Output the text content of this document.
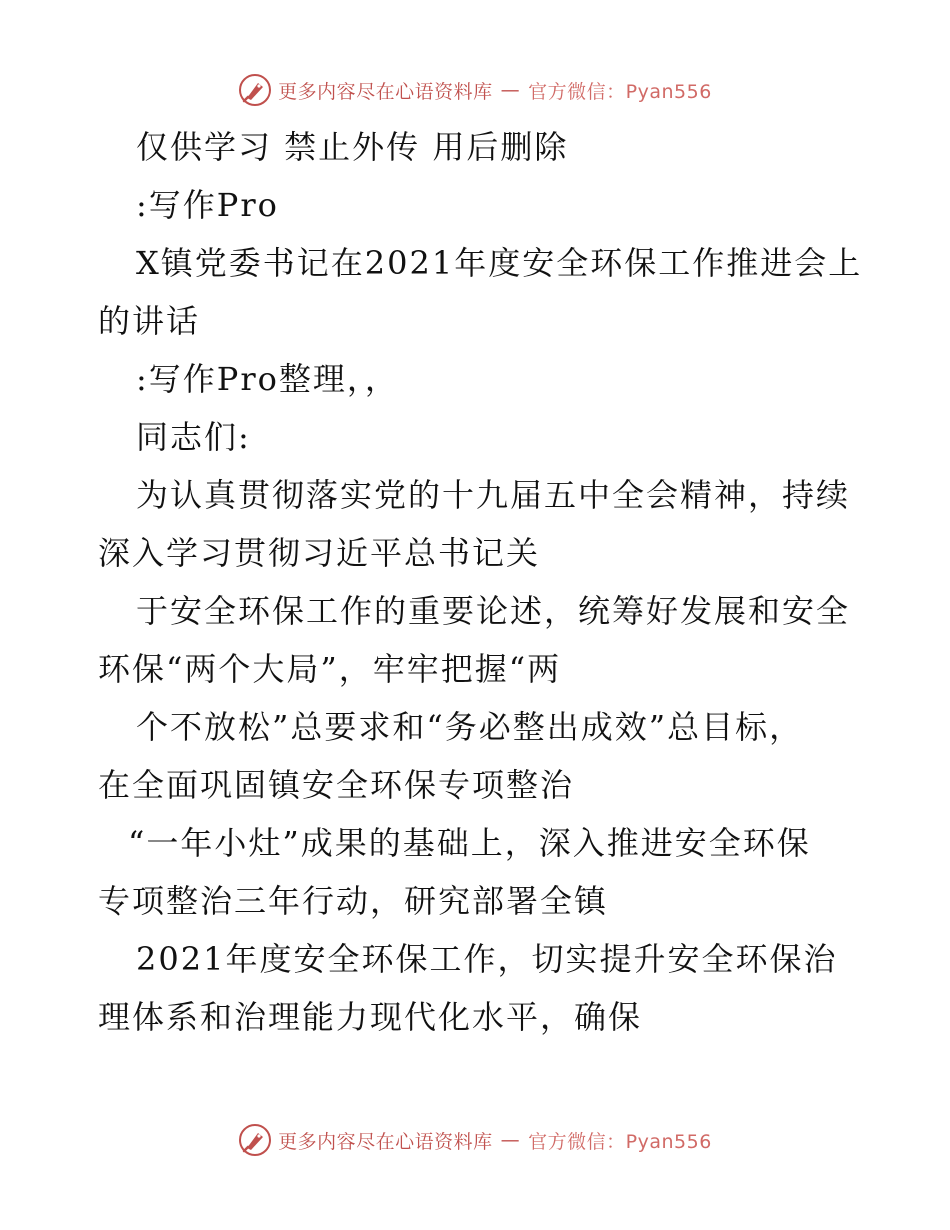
更多内容尽在心语资料库 — 官方微信：Pyan556
仅供学习 禁止外传 用后删除
:写作Pro
X镇党委书记在2021年度安全环保工作推进会上
的讲话
:写作Pro整理，，
同志们:
为认真贯彻落实党的十九届五中全会精神，持续
深入学习贯彻习近平总书记关
于安全环保工作的重要论述，统筹好发展和安全
环保“两个大局”，牢牢把握“两
个不放松”总要求和“务必整出成效”总目标，
在全面巩固镇安全环保专项整治
“一年小灶”成果的基础上，深入推进安全环保
专项整治三年行动，研究部署全镇
2021年度安全环保工作，切实提升安全环保治
理体系和治理能力现代化水平，确保
更多内容尽在心语资料库 — 官方微信：Pyan556
